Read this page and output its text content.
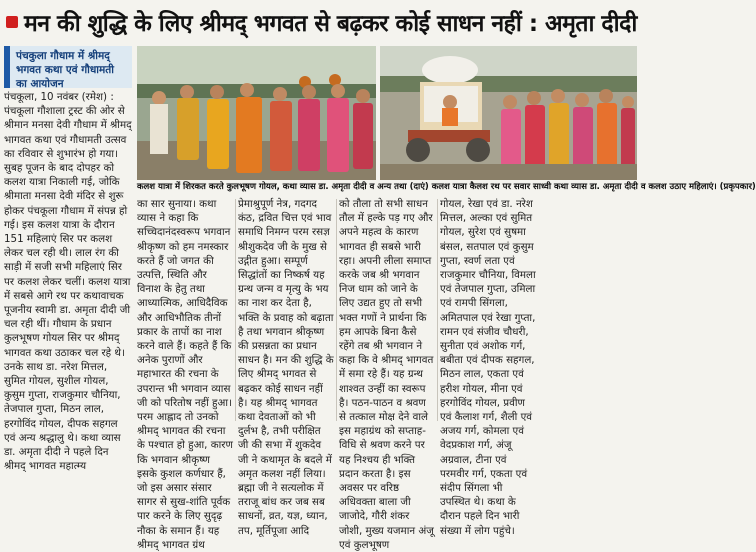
मन की शुद्धि के लिए श्रीमद् भगवत से बढ़कर कोई साधन नहीं : अमृता दीदी
पंचकुला गौधाम में श्रीमद् भगवत कथा एवं गौधामती का आयोजन

पंचकूला, 10 नवंबर (रमेश) : पंचकूला गौशाला ट्रस्ट की ओर से श्रीमान मनसा देवी गौधाम में श्रीमद् भागवत कथा एवं गौधामती उत्सव का रविवार से शुभारंभ हो गया। सुबह पूजन के बाद दोपहर को कलश यात्रा निकाली गई, जोकि श्रीमाता मनसा देवी मंदिर से शुरू होकर पंचकूला गौधाम में संपन्न हो गई। इस कलश यात्रा के दौरान 151 महिलाएं सिर पर कलश लेकर चल रही थी। लाल रंग की साड़ी में सजी सभी महिलाएं सिर पर कलश लेकर चलीं। कलश यात्रा में सबसे आगे रथ पर कथावाचक पूजनीय स्वामी डा. अमृता दीदी जी चल रही थीं। गौधाम के प्रधान कुलभूषण गोयल सिर पर श्रीमद् भागवत कथा उठाकर चल रहे थे। उनके साथ डा. नरेश मित्तल, सुमित गोयल, सुशील गोयल, कुसुम गुप्ता, राजकुमार चौनिया, तेजपाल गुप्ता, मिठन लाल, हरगोविंद गोयल, दीपक सहगल एवं अन्य श्रद्धालु थे। कथा व्यास डा. अमृता दीदी ने पहले दिन श्रीमद् भागवत महात्म्य

कलश यात्रा में शिरकत करते कुलभूषण गोयल, कथा व्यास डा. अमृता दीदी व अन्य तथा (दाएं) कलश यात्रा कैलश रथ पर सवार साध्वी कथा व्यास डा. अमृता दीदी व कलश उठाए महिलाएं। (प्रकृपकार)

का सार सुनाया। कथा व्यास ने कहा कि सच्चिदानंदस्वरूप भगवान श्रीकृष्ण को हम नमस्कार करते हैं जो जगत की उत्पत्ति, स्थिति और विनाश के हेतु तथा आध्यात्मिक, आधिदैविक और आधिभौतिक तीनों प्रकार के तापों का नाश करने वाले हैं। कहते हैं कि अनेक पुराणों और महाभारत की रचना के उपरान्त भी भगवान व्यास जी को परितोष नहीं हुआ। परम आह्लाद तो उनको श्रीमद् भागवत की रचना के पश्चात हो हुआ, कारण कि भगवान श्रीकृष्ण इसके कुशल कर्णधार हैं, जो इस असार संसार सागर से सुख-शांति पूर्वक पार करने के लिए सुदृढ़ नौका के समान हैं। यह श्रीमद् भागवत ग्रंथ

प्रेमाश्रुपूर्ण नेत्र, गदगद कंठ, द्रवित चित्त एवं भाव समाधि निमग्न परम रसज्ञ श्रीशुकदेव जी के मुख से उद्गीत हुआ। सम्पूर्ण सिद्धांतों का निष्कर्ष यह ग्रन्थ जन्म व मृत्यु के भय का नाश कर देता है, भक्ति के प्रवाह को बढ़ाता है तथा भगवान श्रीकृष्ण की प्रसन्नता का प्रधान साधन है। मन की शुद्धि के लिए श्रीमद् भगवत से बढ़कर कोई साधन नहीं है। यह श्रीमद् भागवत कथा देवताओं को भी दुर्लभ है, तभी परीक्षित जी की सभा में शुकदेव जी ने कथामृत के बदले में अमृत कलश नहीं लिया। ब्रह्मा जी ने सत्यलोक में तराजू बांध कर जब सब साधनों, व्रत, यज्ञ, ध्यान, तप, मूर्तिपूजा आदि

को तौला तो सभी साधन तौल में हल्के पड़ गए और अपने महत्व के कारण भागवत ही सबसे भारी रहा। अपनी लीला समाप्त करके जब श्री भगवान निज धाम को जाने के लिए उद्यत हुए तो सभी भक्त गणों ने प्रार्थना कि हम आपके बिना कैसे रहेंगे तब श्री भगवान ने कहा कि वे श्रीमद् भागवत में समा रहे हैं। यह ग्रन्थ शाश्वत उन्हीं का स्वरूप है। पठन-पाठन व श्रवण से तत्काल मोक्ष देने वाले इस महाग्रंथ को सप्ताह-विधि से श्रवण करने पर यह निश्चय ही भक्ति प्रदान करता है। इस अवसर पर वरिष्ठ अधिवक्ता बाला जी जाजोदे, गौरी शंकर जोशी, मुख्य यजमान अंजू एवं कुलभूषण

गोयल, रेखा एवं डा. नरेश मित्तल, अल्का एवं सुमित गोयल, सुरेश एवं सुषमा बंसल, सतपाल एवं कुसुम गुप्ता, स्वर्ण लता एवं राजकुमार चौनिया, विमला एवं तेजपाल गुप्ता, उमिला एवं रामपी सिंगला, अमितपाल एवं रेखा गुप्ता, रामन एवं संजीव चौधरी, सुनीता एवं अशोक गर्ग, बबीता एवं दीपक सहगल, मिठन लाल, एकता एवं हरीश गोयल, मीना एवं हरगोविंद गोयल, प्रवीण एवं कैलाश गर्ग, शैली एवं अजय गर्ग, कोमला एवं वेदप्रकाश गर्ग, अंजू अग्रवाल, टीना एवं परमवीर गर्ग, एकता एवं संदीप सिंगला भी उपस्थित थे। कथा के दौरान पहले दिन भारी संख्या में लोग पहुंचे।
